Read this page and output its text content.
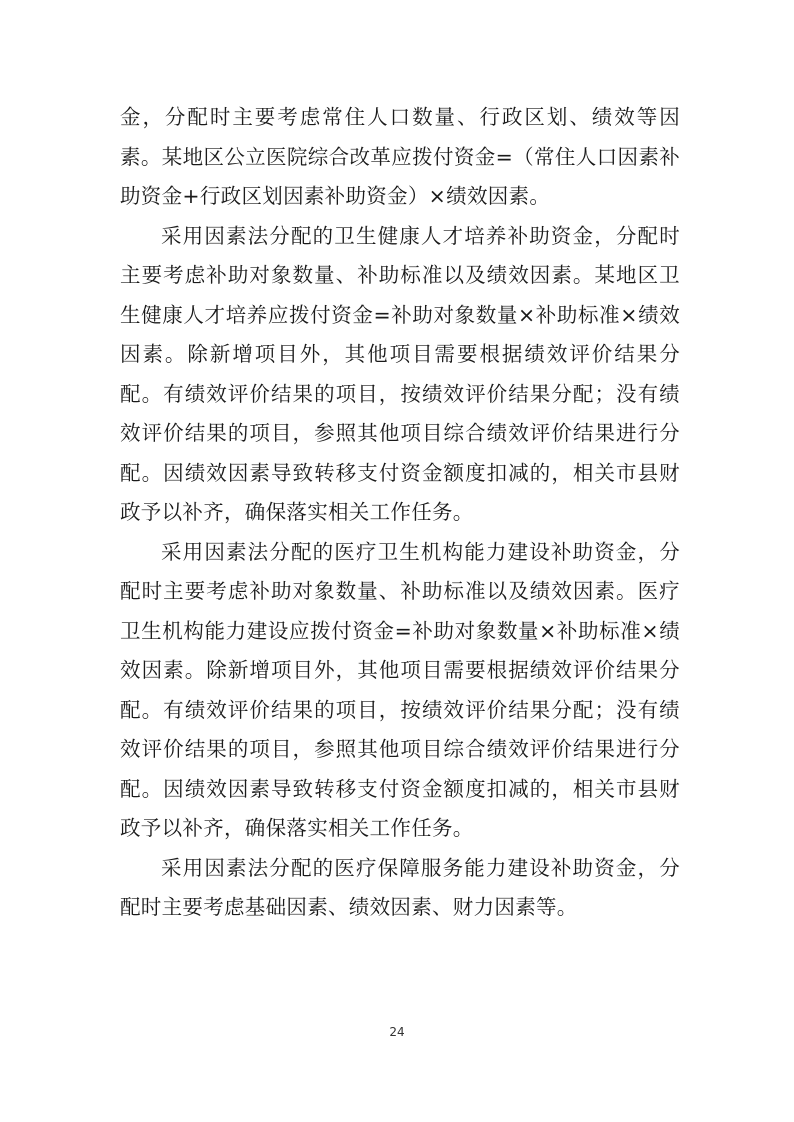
金，分配时主要考虑常住人口数量、行政区划、绩效等因素。某地区公立医院综合改革应拨付资金=（常住人口因素补助资金+行政区划因素补助资金）×绩效因素。

采用因素法分配的卫生健康人才培养补助资金，分配时主要考虑补助对象数量、补助标准以及绩效因素。某地区卫生健康人才培养应拨付资金=补助对象数量×补助标准×绩效因素。除新增项目外，其他项目需要根据绩效评价结果分配。有绩效评价结果的项目，按绩效评价结果分配；没有绩效评价结果的项目，参照其他项目综合绩效评价结果进行分配。因绩效因素导致转移支付资金额度扣减的，相关市县财政予以补齐，确保落实相关工作任务。

采用因素法分配的医疗卫生机构能力建设补助资金，分配时主要考虑补助对象数量、补助标准以及绩效因素。医疗卫生机构能力建设应拨付资金=补助对象数量×补助标准×绩效因素。除新增项目外，其他项目需要根据绩效评价结果分配。有绩效评价结果的项目，按绩效评价结果分配；没有绩效评价结果的项目，参照其他项目综合绩效评价结果进行分配。因绩效因素导致转移支付资金额度扣减的，相关市县财政予以补齐，确保落实相关工作任务。

采用因素法分配的医疗保障服务能力建设补助资金，分配时主要考虑基础因素、绩效因素、财力因素等。

24
